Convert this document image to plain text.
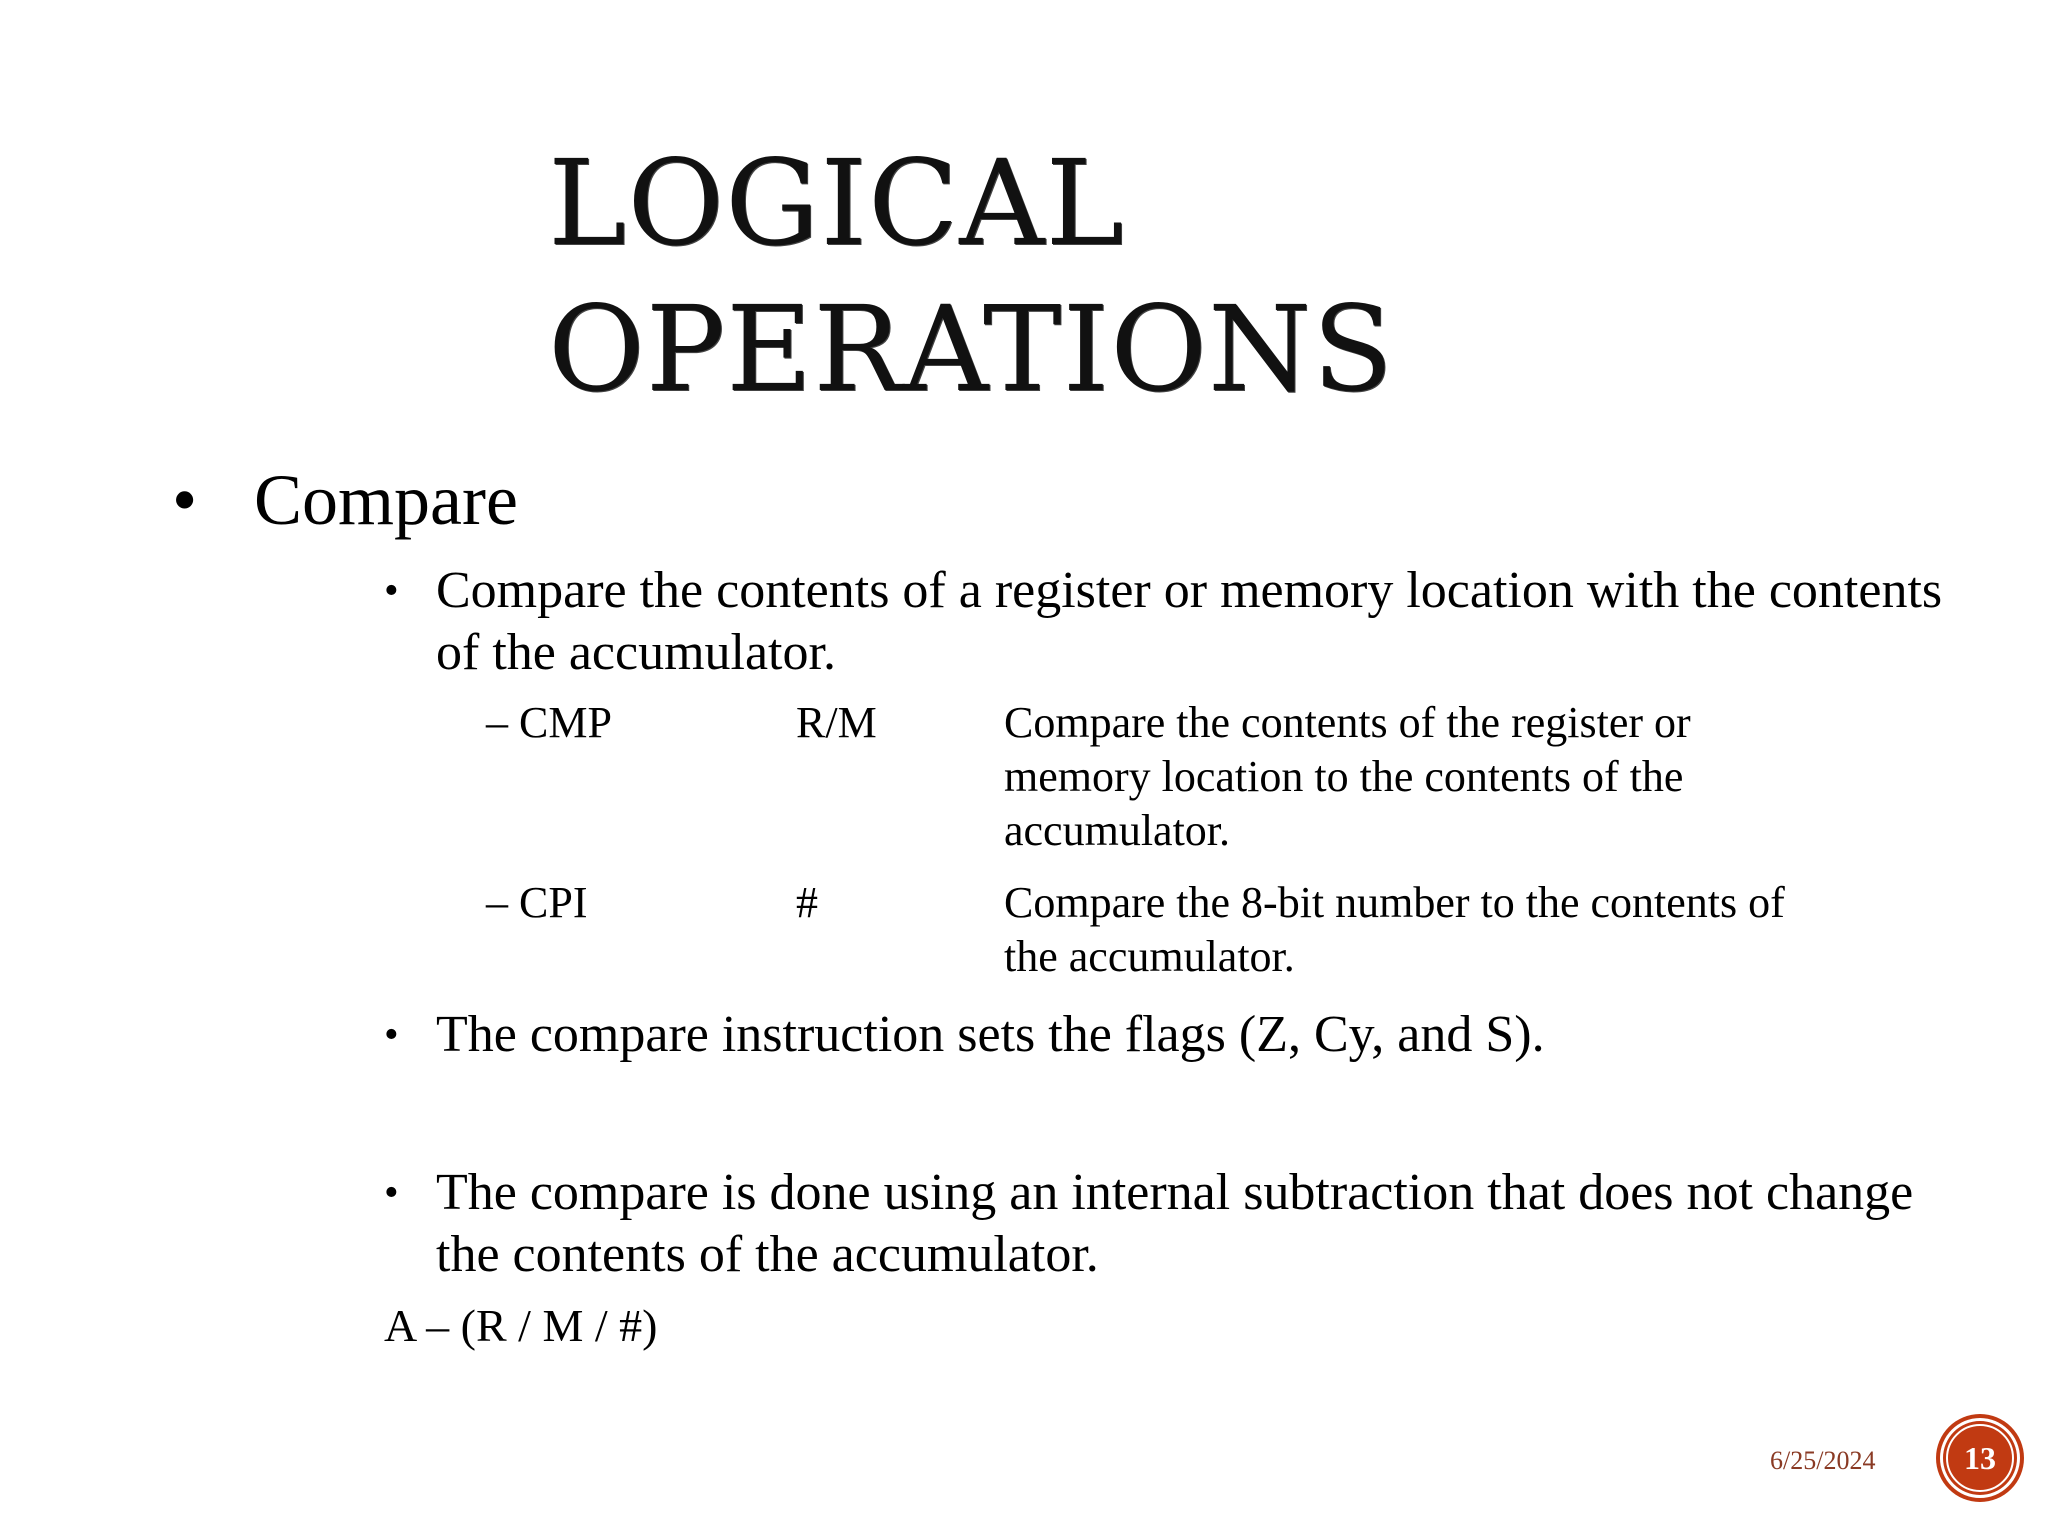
LOGICAL
OPERATIONS
• Compare
• Compare the contents of a register or memory location with the contents of the accumulator.
– CMP	R/M	Compare the contents of the register or memory location to the contents of the accumulator.
– CPI	#	Compare the 8-bit number to the contents of the accumulator.
• The compare instruction sets the flags (Z, Cy, and S).
• The compare is done using an internal subtraction that does not change the contents of the accumulator.
A – (R / M / #)
6/25/2024	13
